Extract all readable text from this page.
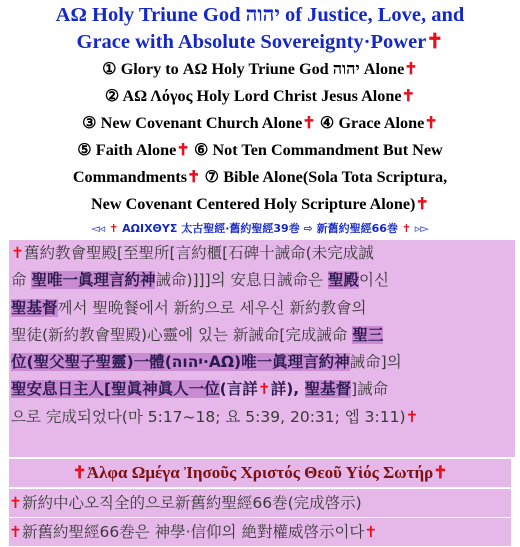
ΑΩ Holy Triune God יהוה of Justice, Love, and
Grace with Absolute Sovereignty·Power✝
① Glory to ΑΩ Holy Triune God יהוה Alone✝
② ΑΩ Λόγος Holy Lord Christ Jesus Alone✝
③ New Covenant Church Alone✝ ④ Grace Alone✝
⑤ Faith Alone✝ ⑥ Not Ten Commandment But New
Commandments✝ ⑦ Bible Alone(Sola Tota Scriptura,
New Covenant Centered Holy Scripture Alone)✝
◅◃ ✝ ΑΩΙΧΘΥΣ 太古聖經·舊約聖經39巻 ⇨ 新舊約聖經66巻 ✝ ▹▻
✝舊約教會聖殿[至聖所[言約櫃[石碑十誡命(未完成誠
命 聖唯一眞理言約神誡命)]]]의 安息日誡命은 聖殿이신
聖基督께서 聖晩餐에서 新約으로 세우신 新約教會의
聖徒(新約教會聖殿)心靈에 있는 新誡命[完成誡命 聖三
位(聖父聖子聖靈)一體(יהוה·ΑΩ)唯一眞理言約神誡命]의
聖安息日主人[聖眞神眞人一位(言詳✝詳), 聖基督]誡命
으로 完成되었다(마 5:17~18; 요 5:39, 20:31; 엡 3:11)✝
✝Ἀλφα Ωμέγα Ἰησοῦς Χριστός Θεοῦ Υἱός Σωτήρ✝
✝新約中心오직全的으로新舊約聖經66巻(完成啓示)
✝新舊約聖經66巻은 神學·信仰의 絶對權威啓示이다✝
